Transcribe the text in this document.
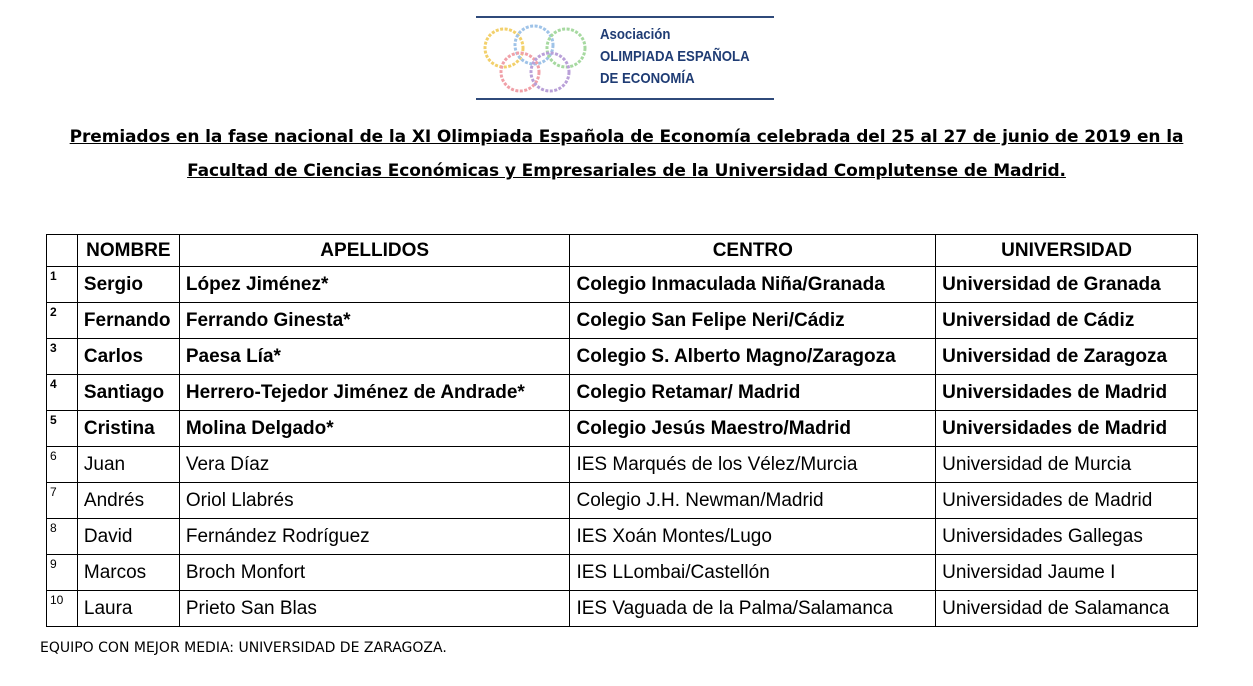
Asociación
OLIMPIADA ESPAÑOLA
DE ECONOMÍA
Premiados en la fase nacional de la XI Olimpiada Española de Economía celebrada del 25 al 27 de junio de 2019 en la
Facultad de Ciencias Económicas y Empresariales de la Universidad Complutense de Madrid.
	NOMBRE	APELLIDOS	CENTRO	UNIVERSIDAD
1	Sergio	López Jiménez*	Colegio Inmaculada Niña/Granada	Universidad de Granada
2	Fernando	Ferrando Ginesta*	Colegio San Felipe Neri/Cádiz	Universidad de Cádiz
3	Carlos	Paesa Lía*	Colegio S. Alberto Magno/Zaragoza	Universidad de Zaragoza
4	Santiago	Herrero-Tejedor Jiménez de Andrade*	Colegio Retamar/ Madrid	Universidades de Madrid
5	Cristina	Molina Delgado*	Colegio Jesús Maestro/Madrid	Universidades de Madrid
6	Juan	Vera Díaz	IES Marqués de los Vélez/Murcia	Universidad de Murcia
7	Andrés	Oriol Llabrés	Colegio J.H. Newman/Madrid	Universidades de Madrid
8	David	Fernández Rodríguez	IES Xoán Montes/Lugo	Universidades Gallegas
9	Marcos	Broch Monfort	IES LLombai/Castellón	Universidad Jaume I
10	Laura	Prieto San Blas	IES Vaguada de la Palma/Salamanca	Universidad de Salamanca
EQUIPO CON MEJOR MEDIA: UNIVERSIDAD DE ZARAGOZA.
